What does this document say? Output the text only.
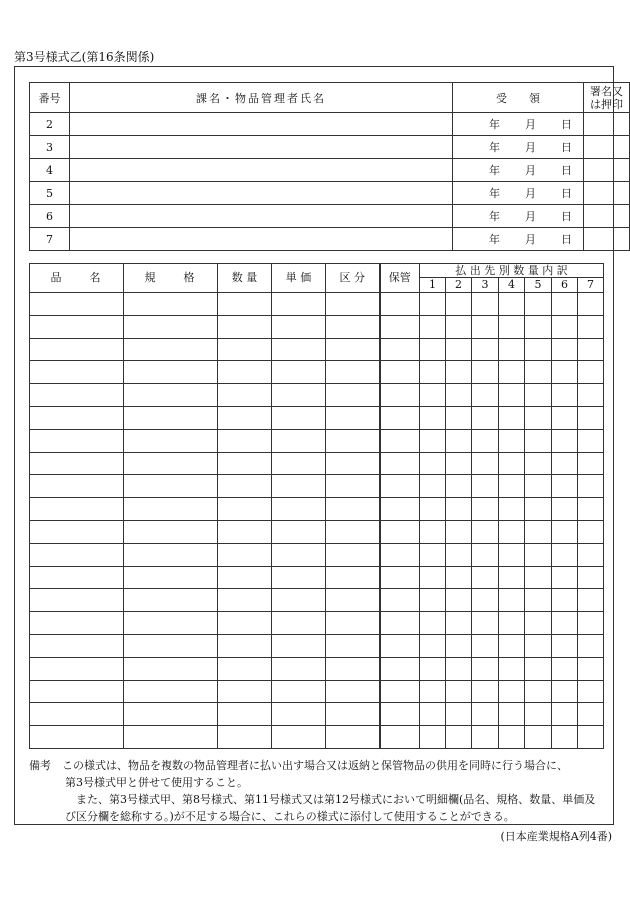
第3号様式乙(第16条関係)
番号	課名・物品管理者氏名	受　　領	署名又
は押印

2		年 月 日	
3		年 月 日	
4		年 月 日	
5		年 月 日	
6		年 月 日	
7		年 月 日	
品　　名	規　　格	数 量	単 価	区 分	保管	払 出 先 別 数 量 内 訳						
						1	2	3	4	5	6	7

備考　 この様式は、物品を複数の物品管理者に払い出す場合又は返納と保管物品の供用を同時に行う場合に、
第3号様式甲と併せて使用すること。
　また、第3号様式甲、第8号様式、第11号様式又は第12号様式において明細欄(品名、規格、数量、単価及
び区分欄を総称する。)が不足する場合に、これらの様式に添付して使用することができる。
(日本産業規格A列4番)
